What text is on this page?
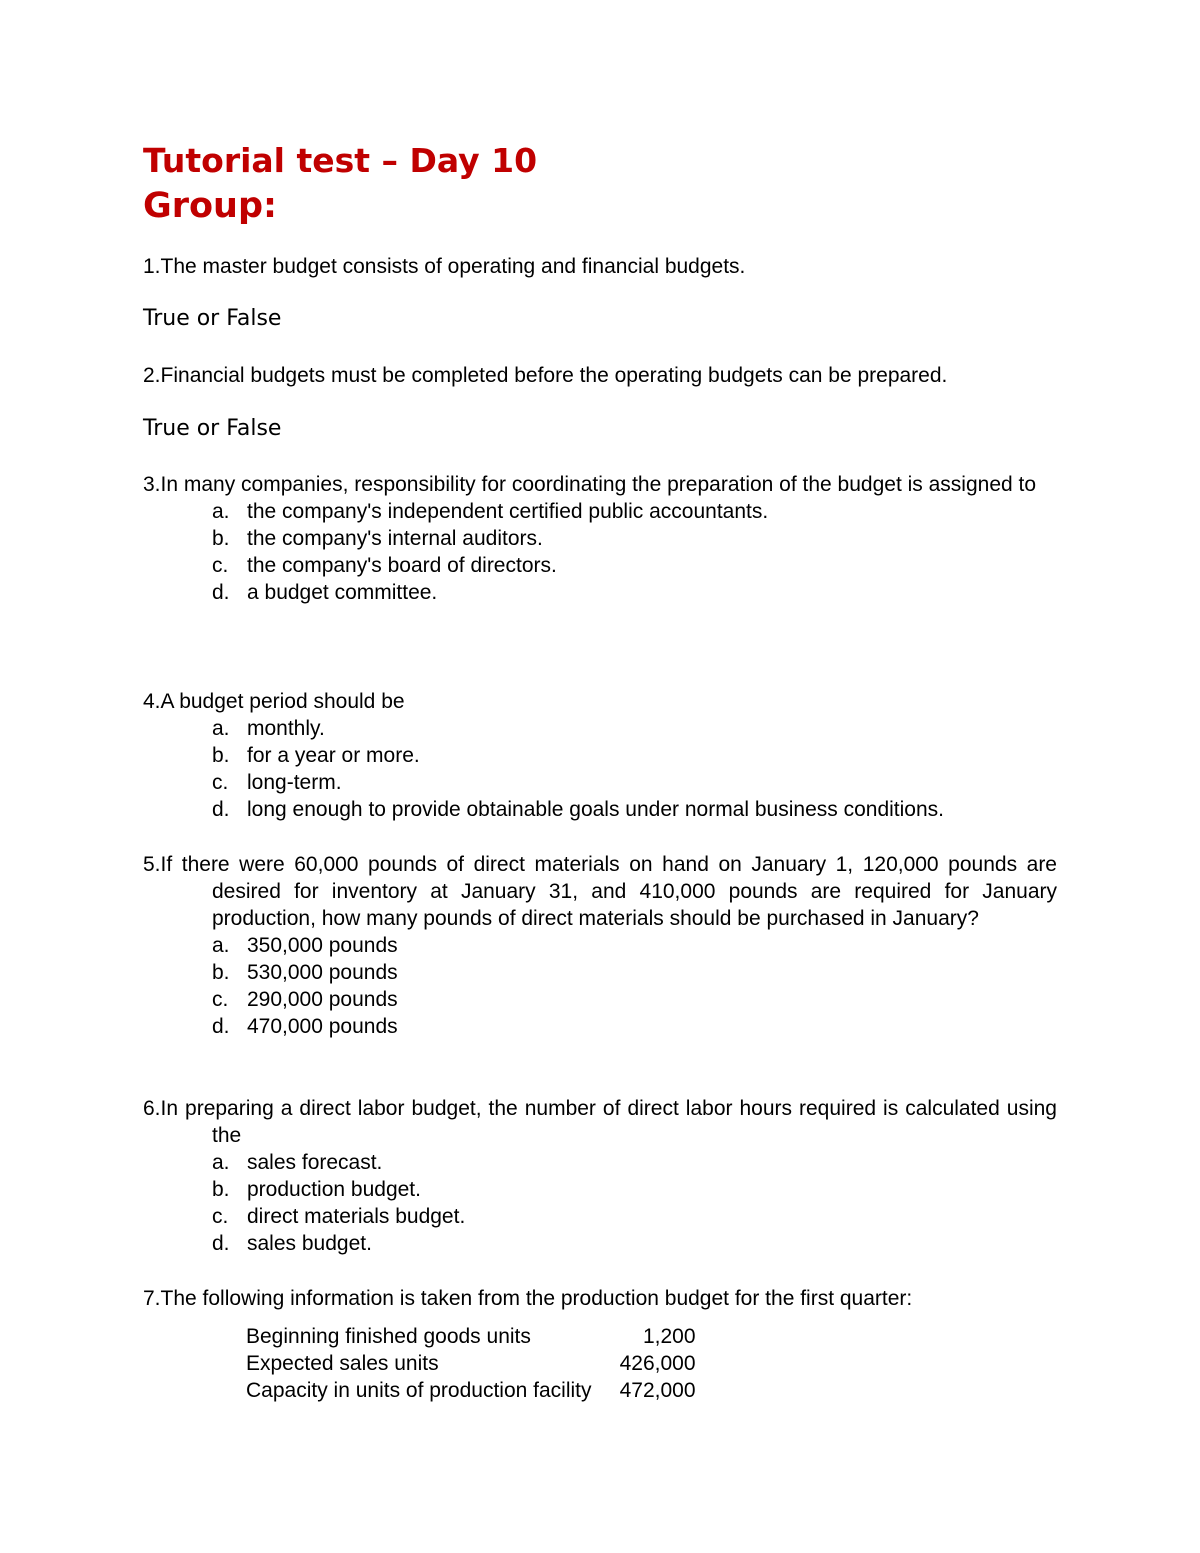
Tutorial test – Day 10
Group:

1.The master budget consists of operating and financial budgets.

True or False

2.Financial budgets must be completed before the operating budgets can be prepared.

True or False

3.In many companies, responsibility for coordinating the preparation of the budget is assigned to

a. the company's independent certified public accountants.
b. the company's internal auditors.
c. the company's board of directors.
d. a budget committee.

4.A budget period should be

a. monthly.
b. for a year or more.
c. long-term.
d. long enough to provide obtainable goals under normal business conditions.

5.If there were 60,000 pounds of direct materials on hand on January 1, 120,000 pounds are desired for inventory at January 31, and 410,000 pounds are required for January production, how many pounds of direct materials should be purchased in January?

a. 350,000 pounds
b. 530,000 pounds
c. 290,000 pounds
d. 470,000 pounds

6.In preparing a direct labor budget, the number of direct labor hours required is calculated using the

a. sales forecast.
b. production budget.
c. direct materials budget.
d. sales budget.

7.The following information is taken from the production budget for the first quarter:

Beginning finished goods units	1,200
Expected sales units	426,000
Capacity in units of production facility	472,000
